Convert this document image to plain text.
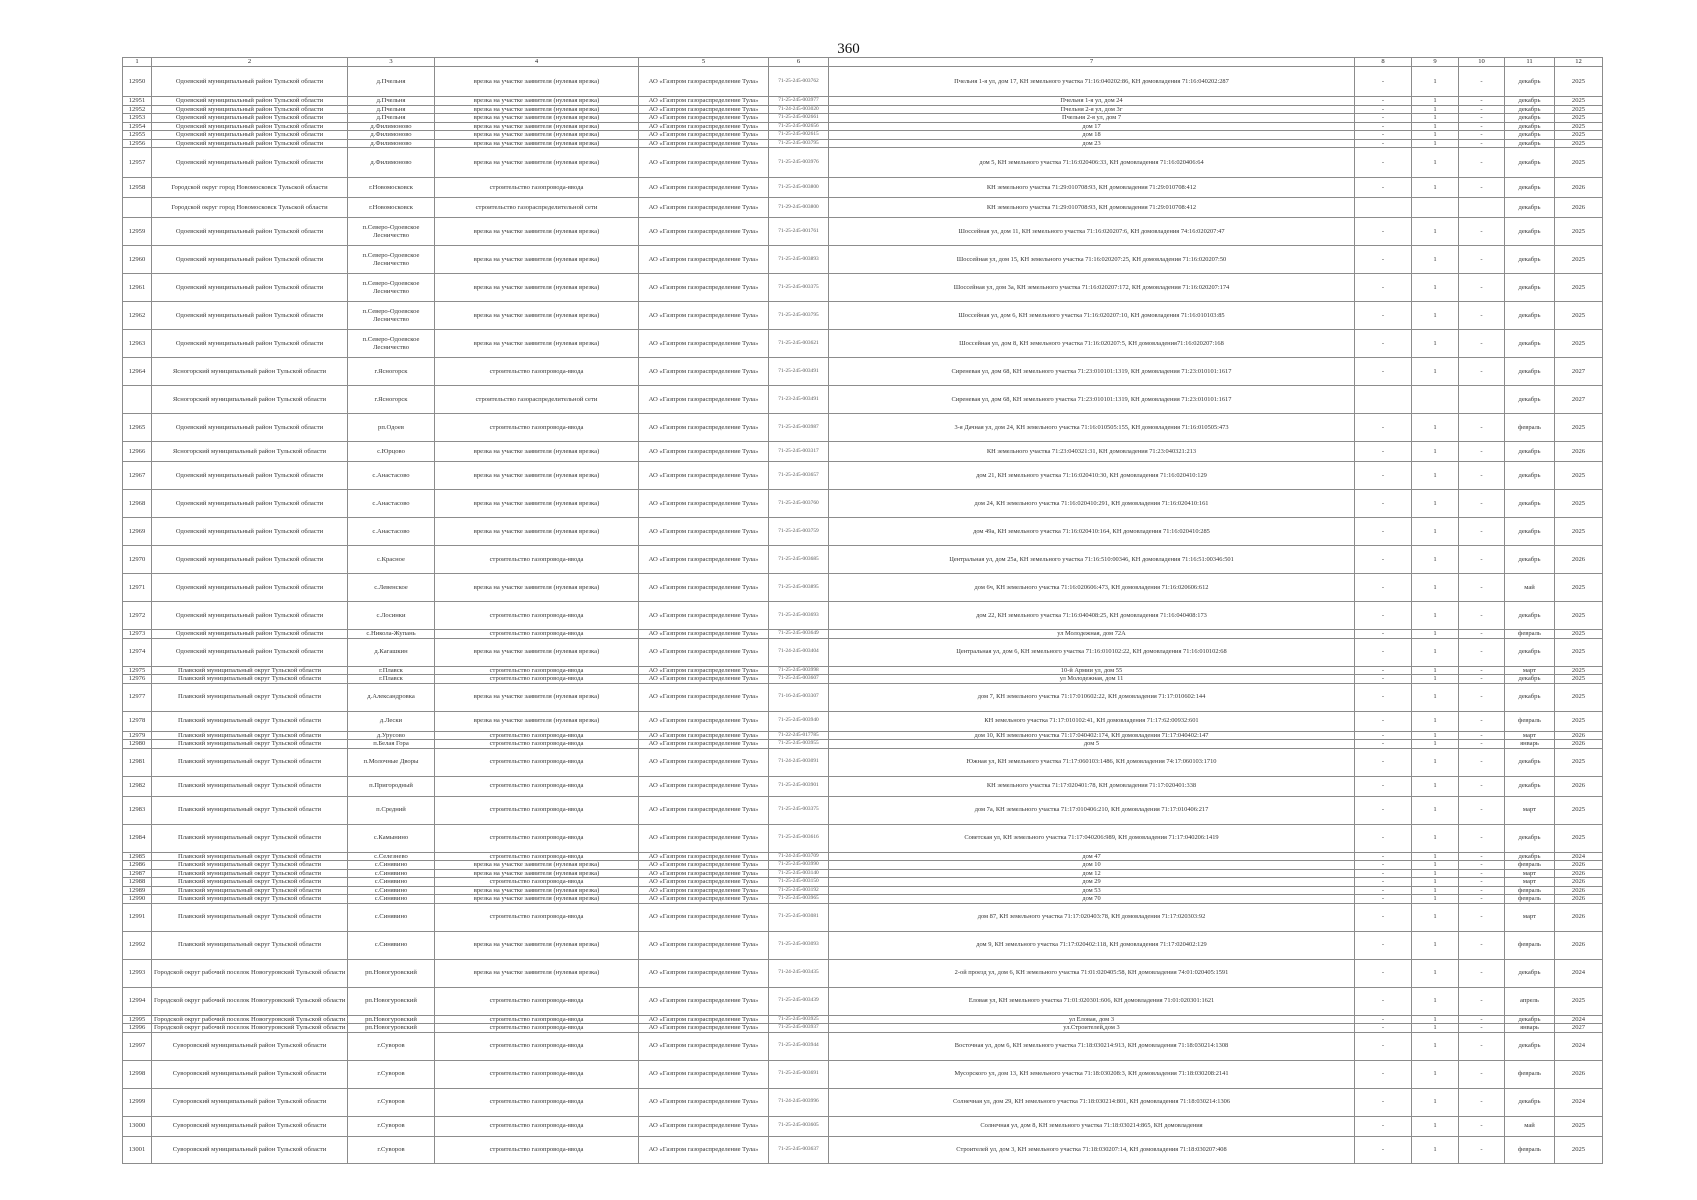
360
1	2	3	4	5	6	7	8	9	10	11	12
12950	Одоевский муниципальный район Тульской области	д.Пчельня	врезка на участке заявителя (нулевая врезка)	АО «Газпром газораспределение Тула»	71-25-245-003762	Пчельня 1-я ул, дом 17, КН земельного участка 71:16:040202:86, КН домовладения 71:16:040202:287	-	1	-	декабрь	2025
12951	Одоевский муниципальный район Тульской области	д.Пчельня	врезка на участке заявителя (нулевая врезка)	АО «Газпром газораспределение Тула»	71-25-245-003977	Пчельня 1-я ул, дом 24	-	1	-	декабрь	2025
12952	Одоевский муниципальный район Тульской области	д.Пчельня	врезка на участке заявителя (нулевая врезка)	АО «Газпром газораспределение Тула»	71-24-245-003020	Пчельня 2-я ул, дом 3г	-	1	-	декабрь	2025
12953	Одоевский муниципальный район Тульской области	д.Пчельня	врезка на участке заявителя (нулевая врезка)	АО «Газпром газораспределение Тула»	71-25-245-002661	Пчельня 2-я ул, дом 7	-	1	-	декабрь	2025
12954	Одоевский муниципальный район Тульской области	д.Филимоново	врезка на участке заявителя (нулевая врезка)	АО «Газпром газораспределение Тула»	71-25-245-002656	дом 17	-	1	-	декабрь	2025
12955	Одоевский муниципальный район Тульской области	д.Филимоново	врезка на участке заявителя (нулевая врезка)	АО «Газпром газораспределение Тула»	71-25-245-002615	дом 18	-	1	-	декабрь	2025
12956	Одоевский муниципальный район Тульской области	д.Филимоново	врезка на участке заявителя (нулевая врезка)	АО «Газпром газораспределение Тула»	71-25-245-003795	дом 23	-	1	-	декабрь	2025
12957	Одоевский муниципальный район Тульской области	д.Филимоново	врезка на участке заявителя (нулевая врезка)	АО «Газпром газораспределение Тула»	71-25-245-003976	дом 5, КН земельного участка 71:16:020406:33, КН домовладения 71:16:020406:64	-	1	-	декабрь	2025
12958	Городской округ город Новомосковск Тульской области	г.Новомосковск	строительство газопровода-ввода	АО «Газпром газораспределение Тула»	71-25-245-003800	КН земельного участка 71:29:010708:93, КН домовладения 71:29:010708:412	-	1	-	декабрь	2026
	Городской округ город Новомосковск Тульской области	г.Новомосковск	строительство газораспределительной сети	АО «Газпром газораспределение Тула»	71-29-245-003800	КН земельного участка 71:29:010708:93, КН домовладения 71:29:010708:412				декабрь	2026
12959	Одоевский муниципальный район Тульской области	п.Северо-Одоевское Лесничество	врезка на участке заявителя (нулевая врезка)	АО «Газпром газораспределение Тула»	71-25-245-001761	Шоссейная ул, дом 11, КН земельного участка 71:16:020207:6, КН домовладения 74:16:020207:47	-	1	-	декабрь	2025
12960	Одоевский муниципальный район Тульской области	п.Северо-Одоевское Лесничество	врезка на участке заявителя (нулевая врезка)	АО «Газпром газораспределение Тула»	71-25-245-003893	Шоссейная ул, дом 15, КН земельного участка 71:16:020207:25, КН домовладения 71:16:020207:50	-	1	-	декабрь	2025
12961	Одоевский муниципальный район Тульской области	п.Северо-Одоевское Лесничество	врезка на участке заявителя (нулевая врезка)	АО «Газпром газораспределение Тула»	71-25-245-003375	Шоссейная ул, дом 3а, КН земельного участка 71:16:020207:172, КН домовладения 71:16:020207:174	-	1	-	декабрь	2025
12962	Одоевский муниципальный район Тульской области	п.Северо-Одоевское Лесничество	врезка на участке заявителя (нулевая врезка)	АО «Газпром газораспределение Тула»	71-25-245-003795	Шоссейная ул, дом 6, КН земельного участка 71:16:020207:10, КН домовладения 71:16:010103:85	-	1	-	декабрь	2025
12963	Одоевский муниципальный район Тульской области	п.Северо-Одоевское Лесничество	врезка на участке заявителя (нулевая врезка)	АО «Газпром газораспределение Тула»	71-25-245-003621	Шоссейная ул, дом 8, КН земельного участка 71:16:020207:5, КН домовладения71:16:020207:168	-	1	-	декабрь	2025
12964	Ясногорский муниципальный район Тульской области	г.Ясногорск	строительство газопровода-ввода	АО «Газпром газораспределение Тула»	71-25-245-003491	Сиреневая ул, дом 68, КН земельного участка 71:23:010101:1319, КН домовладения 71:23:010101:1617	-	1	-	декабрь	2027
	Ясногорский муниципальный район Тульской области	г.Ясногорск	строительство газораспределительной сети	АО «Газпром газораспределение Тула»	71-23-245-003491	Сиреневая ул, дом 68, КН земельного участка 71:23:010101:1319, КН домовладения 71:23:010101:1617				декабрь	2027
12965	Одоевский муниципальный район Тульской области	рп.Одоев	строительство газопровода-ввода	АО «Газпром газораспределение Тула»	71-25-245-003987	3-я Дачная ул, дом 24, КН земельного участка 71:16:010505:155, КН домовладения 71:16:010505:473	-	1	-	февраль	2025
12966	Ясногорский муниципальный район Тульской области	с.Юрцово	врезка на участке заявителя (нулевая врезка)	АО «Газпром газораспределение Тула»	71-25-245-003317	КН земельного участка 71:23:040321:31, КН домовладения 71:23:040321:213	-	1	-	декабрь	2026
12967	Одоевский муниципальный район Тульской области	с.Анастасово	врезка на участке заявителя (нулевая врезка)	АО «Газпром газораспределение Тула»	71-25-245-003657	дом 21, КН земельного участка 71:16:020410:30, КН домовладения 71:16:020410:129	-	1	-	декабрь	2025
12968	Одоевский муниципальный район Тульской области	с.Анастасово	врезка на участке заявителя (нулевая врезка)	АО «Газпром газораспределение Тула»	71-25-245-003760	дом 24, КН земельного участка 71:16:020410:291, КН домовладения 71:16:020410:161	-	1	-	декабрь	2025
12969	Одоевский муниципальный район Тульской области	с.Анастасово	врезка на участке заявителя (нулевая врезка)	АО «Газпром газораспределение Тула»	71-25-245-003759	дом 49а, КН земельного участка 71:16:020410:164, КН домовладения 71:16:020410:285	-	1	-	декабрь	2025
12970	Одоевский муниципальный район Тульской области	с.Красное	строительство газопровода-ввода	АО «Газпром газораспределение Тула»	71-25-245-003685	Центральная ул, дом 25а, КН земельного участка 71:16:510:00346, КН домовладения 71:16:51:00346:501	-	1	-	декабрь	2026
12971	Одоевский муниципальный район Тульской области	с.Левенское	врезка на участке заявителя (нулевая врезка)	АО «Газпром газораспределение Тула»	71-25-245-003895	дом 6ч, КН земельного участка 71:16:020606:473, КН домовладения 71:16:020606:612	-	1	-	май	2025
12972	Одоевский муниципальный район Тульской области	с.Лосинки	строительство газопровода-ввода	АО «Газпром газораспределение Тула»	71-25-245-003693	дом 22, КН земельного участка 71:16:040408:25, КН домовладения 71:16:040408:173	-	1	-	декабрь	2025
12973	Одоевский муниципальный район Тульской области	с.Никола-Жупань	строительство газопровода-ввода	АО «Газпром газораспределение Тула»	71-25-245-003649	ул Молодежная, дом 72А	-	1	-	февраль	2025
12974	Одоевский муниципальный район Тульской области	д.Кагашкин	врезка на участке заявителя (нулевая врезка)	АО «Газпром газораспределение Тула»	71-24-245-003404	Центральная ул, дом 6, КН земельного участка 71:16:010102:22, КН домовладения 71:16:010102:68	-	1	-	декабрь	2025
12975	Плавский муниципальный округ Тульской области	г.Плавск	строительство газопровода-ввода	АО «Газпром газораспределение Тула»	71-25-245-003998	10-й Армии ул, дом 55	-	1	-	март	2025
12976	Плавский муниципальный округ Тульской области	г.Плавск	строительство газопровода-ввода	АО «Газпром газораспределение Тула»	71-25-245-003607	ул Молодежная, дом 11	-	1	-	декабрь	2025
12977	Плавский муниципальный округ Тульской области	д.Александровка	врезка на участке заявителя (нулевая врезка)	АО «Газпром газораспределение Тула»	71-16-245-003307	дом 7, КН земельного участка 71:17:010602:22, КН домовладения 71:17:010602:144	-	1	-	декабрь	2025
12978	Плавский муниципальный округ Тульской области	д.Лески	врезка на участке заявителя (нулевая врезка)	АО «Газпром газораспределение Тула»	71-25-245-003940	КН земельного участка 71:17:010102:41, КН домовладения 71:17:62:00932:601	-	1	-	февраль	2025
12979	Плавский муниципальный округ Тульской области	д.Урусово	строительство газопровода-ввода	АО «Газпром газораспределение Тула»	71-22-245-017785	дом 10, КН земельного участка 71:17:040402:174, КН домовладения 71:17:040402:147	-	1	-	март	2026
12980	Плавский муниципальный округ Тульской области	п.Белая Гора	строительство газопровода-ввода	АО «Газпром газораспределение Тула»	71-25-245-003955	дом 5	-	1	-	январь	2026
12981	Плавский муниципальный округ Тульской области	п.Молочные Дворы	строительство газопровода-ввода	АО «Газпром газораспределение Тула»	71-24-245-003091	Южная ул, КН земельного участка 71:17:060103:1486, КН домовладения 74:17:060103:1710	-	1	-	декабрь	2025
12982	Плавский муниципальный округ Тульской области	п.Пригородный	строительство газопровода-ввода	АО «Газпром газораспределение Тула»	71-25-245-003901	КН земельного участка 71:17:020401:78, КН домовладения 71:17:020401:338	-	1	-	декабрь	2026
12983	Плавский муниципальный округ Тульской области	п.Средний	строительство газопровода-ввода	АО «Газпром газораспределение Тула»	71-25-245-003375	дом 7а, КН земельного участка 71:17:010406:210, КН домовладения 71:17:010406:217	-	1	-	март	2025
12984	Плавский муниципальный округ Тульской области	с.Камынино	строительство газопровода-ввода	АО «Газпром газораспределение Тула»	71-25-245-003616	Советская ул, КН земельного участка 71:17:040206:989, КН домовладения 71:17:040206:1419	-	1	-	декабрь	2025
12985	Плавский муниципальный округ Тульской области	с.Селезнево	строительство газопровода-ввода	АО «Газпром газораспределение Тула»	71-24-245-003709	дом 47	-	1	-	декабрь	2024
12986	Плавский муниципальный округ Тульской области	с.Синявино	врезка на участке заявителя (нулевая врезка)	АО «Газпром газораспределение Тула»	71-25-245-003990	дом 10	-	1	-	февраль	2026
12987	Плавский муниципальный округ Тульской области	с.Синявино	врезка на участке заявителя (нулевая врезка)	АО «Газпром газораспределение Тула»	71-25-245-003140	дом 12	-	1	-	март	2026
12988	Плавский муниципальный округ Тульской области	с.Синявино	строительство газопровода-ввода	АО «Газпром газораспределение Тула»	71-25-245-003150	дом 29	-	1	-	март	2026
12989	Плавский муниципальный округ Тульской области	с.Синявино	врезка на участке заявителя (нулевая врезка)	АО «Газпром газораспределение Тула»	71-25-245-003192	дом 53	-	1	-	февраль	2026
12990	Плавский муниципальный округ Тульской области	с.Синявино	врезка на участке заявителя (нулевая врезка)	АО «Газпром газораспределение Тула»	71-25-245-003965	дом 70	-	1	-	февраль	2026
12991	Плавский муниципальный округ Тульской области	с.Синявино	строительство газопровода-ввода	АО «Газпром газораспределение Тула»	71-25-245-003081	дом 87, КН земельного участка 71:17:020403:78, КН домовладения 71:17:020303:92	-	1	-	март	2026
12992	Плавский муниципальный округ Тульской области	с.Синявино	врезка на участке заявителя (нулевая врезка)	АО «Газпром газораспределение Тула»	71-25-245-003093	дом 9, КН земельного участка 71:17:020402:118, КН домовладения 71:17:020402:129	-	1	-	февраль	2026
12993	Городской округ рабочий поселок Новогуровский Тульской области	рп.Новогуровский	врезка на участке заявителя (нулевая врезка)	АО «Газпром газораспределение Тула»	71-24-245-003435	2-ой проезд ул, дом 6, КН земельного участка 71:01:020405:58, КН домовладения 74:01:020405:1591	-	1	-	декабрь	2024
12994	Городской округ рабочий поселок Новогуровский Тульской области	рп.Новогуровский	строительство газопровода-ввода	АО «Газпром газораспределение Тула»	71-25-245-003439	Еловая ул, КН земельного участка 71:01:020301:606, КН домовладения 71:01:020301:1621	-	1	-	апрель	2025
12995	Городской округ рабочий поселок Новогуровский Тульской области	рп.Новогуровский	строительство газопровода-ввода	АО «Газпром газораспределение Тула»	71-25-245-003925	ул Еловая, дом 3	-	1	-	декабрь	2024
12996	Городской округ рабочий поселок Новогуровский Тульской области	рп.Новогуровский	строительство газопровода-ввода	АО «Газпром газораспределение Тула»	71-25-245-003937	ул.Строителей,дом 3	-	1	-	январь	2027
12997	Суворовский муниципальный район Тульской области	г.Суворов	строительство газопровода-ввода	АО «Газпром газораспределение Тула»	71-25-245-003944	Восточная ул, дом 6, КН земельного участка 71:18:030214:913, КН домовладения 71:18:030214:1308	-	1	-	декабрь	2024
12998	Суворовский муниципальный район Тульской области	г.Суворов	строительство газопровода-ввода	АО «Газпром газораспределение Тула»	71-25-245-003691	Мусорского ул, дом 13, КН земельного участка 71:18:030208:3, КН домовладения 71:18:030208:2141	-	1	-	февраль	2026
12999	Суворовский муниципальный район Тульской области	г.Суворов	строительство газопровода-ввода	АО «Газпром газораспределение Тула»	71-24-245-003996	Солнечная ул, дом 29, КН земельного участка 71:18:030214:801, КН домовладения 71:18:030214:1306	-	1	-	декабрь	2024
13000	Суворовский муниципальный район Тульской области	г.Суворов	строительство газопровода-ввода	АО «Газпром газораспределение Тула»	71-25-245-003605	Солнечная ул, дом 8, КН земельного участка 71:18:030214:865, КН домовладения	-	1	-	май	2025
13001	Суворовский муниципальный район Тульской области	г.Суворов	строительство газопровода-ввода	АО «Газпром газораспределение Тула»	71-25-245-003637	Строителей ул, дом 3, КН земельного участка 71:18:030207:14, КН домовладения 71:18:030207:408	-	1	-	февраль	2025
